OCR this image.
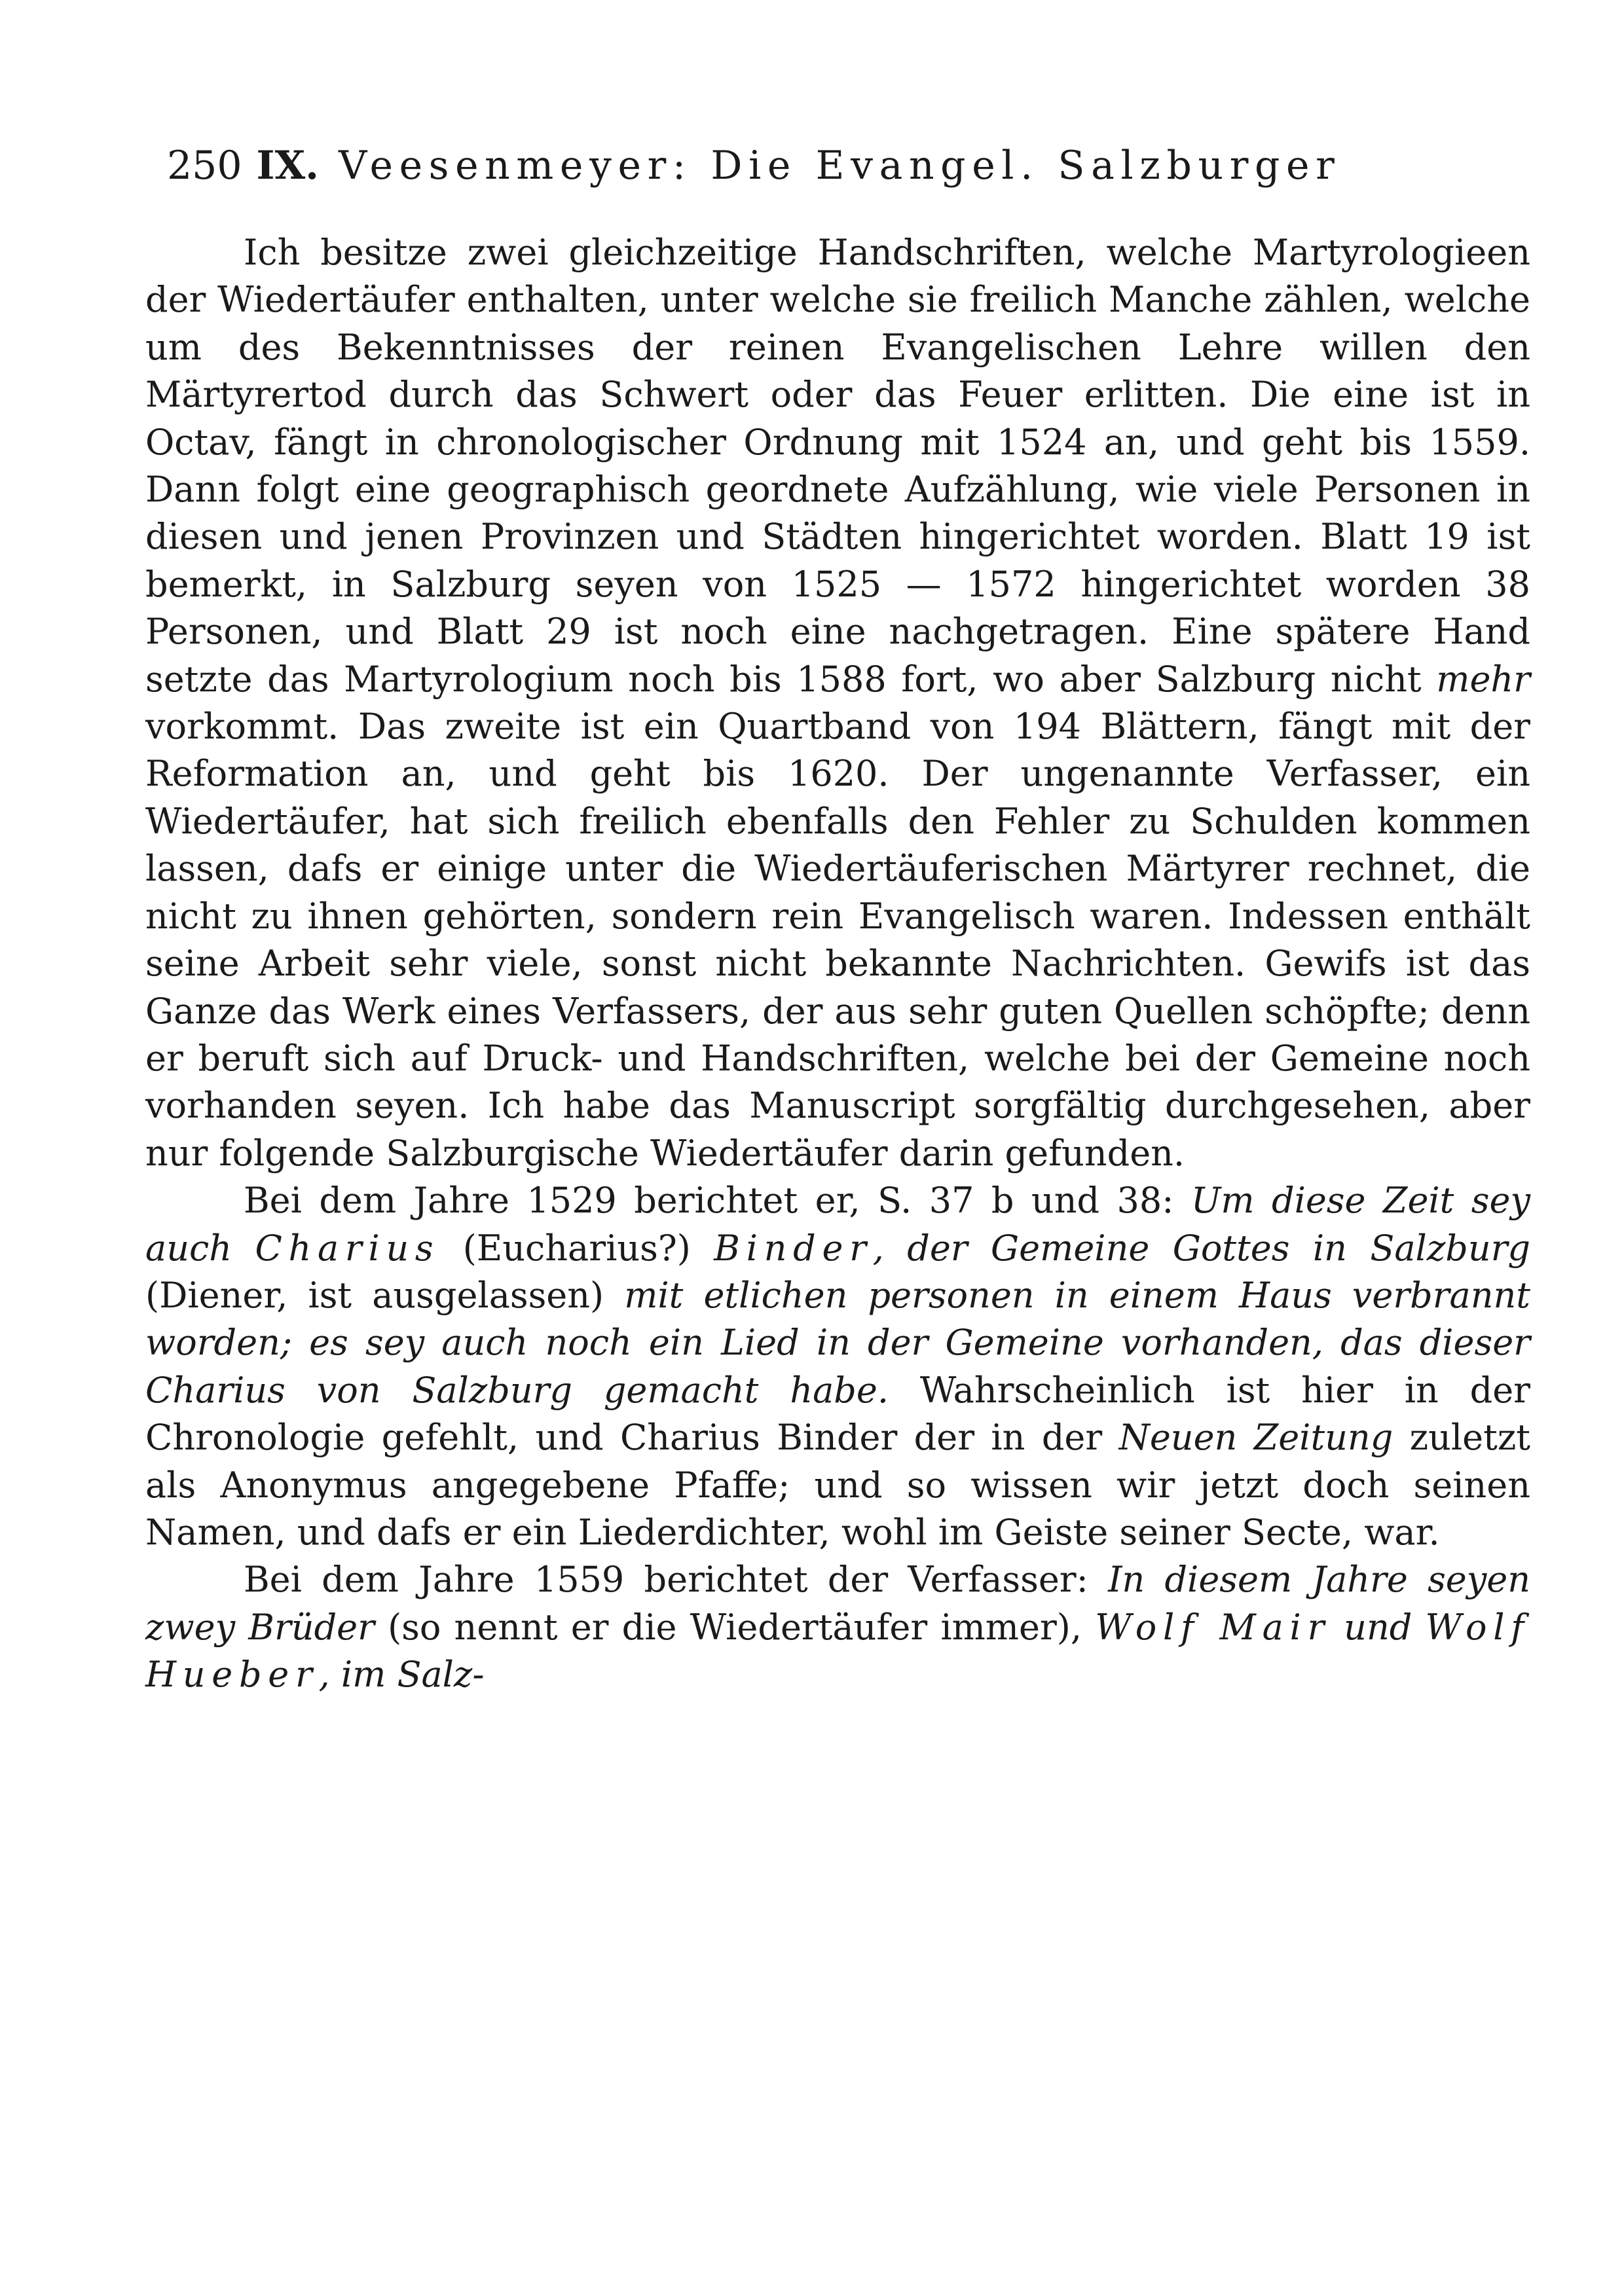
250 IX. Veesenmeyer: Die Evangel. Salzburger

Ich besitze zwei gleichzeitige Handschriften, welche Martyrologieen der Wiedertäufer enthalten, unter welche sie freilich Manche zählen, welche um des Bekenntnisses der reinen Evangelischen Lehre willen den Märtyrertod durch das Schwert oder das Feuer erlitten. Die eine ist in Octav, fängt in chronologischer Ordnung mit 1524 an, und geht bis 1559. Dann folgt eine geographisch geordnete Aufzählung, wie viele Personen in diesen und jenen Provinzen und Städten hingerichtet worden. Blatt 19 ist bemerkt, in Salzburg seyen von 1525 — 1572 hingerichtet worden 38 Personen, und Blatt 29 ist noch eine nachgetragen. Eine spätere Hand setzte das Martyrologium noch bis 1588 fort, wo aber Salzburg nicht mehr vorkommt. Das zweite ist ein Quartband von 194 Blättern, fängt mit der Reformation an, und geht bis 1620. Der ungenannte Verfasser, ein Wiedertäufer, hat sich freilich ebenfalls den Fehler zu Schulden kommen lassen, dafs er einige unter die Wiedertäuferischen Märtyrer rechnet, die nicht zu ihnen gehörten, sondern rein Evangelisch waren. Indessen enthält seine Arbeit sehr viele, sonst nicht bekannte Nachrichten. Gewifs ist das Ganze das Werk eines Verfassers, der aus sehr guten Quellen schöpfte; denn er beruft sich auf Druck- und Handschriften, welche bei der Gemeine noch vorhanden seyen. Ich habe das Manuscript sorgfältig durchgesehen, aber nur folgende Salzburgische Wiedertäufer darin gefunden.

Bei dem Jahre 1529 berichtet er, S. 37 b und 38: Um diese Zeit sey auch Charius (Eucharius?) Binder, der Gemeine Gottes in Salzburg (Diener, ist ausgelassen) mit etlichen personen in einem Haus verbrannt worden; es sey auch noch ein Lied in der Gemeine vorhanden, das dieser Charius von Salzburg gemacht habe. Wahrscheinlich ist hier in der Chronologie gefehlt, und Charius Binder der in der Neuen Zeitung zuletzt als Anonymus angegebene Pfaffe; und so wissen wir jetzt doch seinen Namen, und dafs er ein Liederdichter, wohl im Geiste seiner Secte, war.

Bei dem Jahre 1559 berichtet der Verfasser: In diesem Jahre seyen zwey Brüder (so nennt er die Wiedertäufer immer), Wolf Mair und Wolf Hueber, im Salz-
